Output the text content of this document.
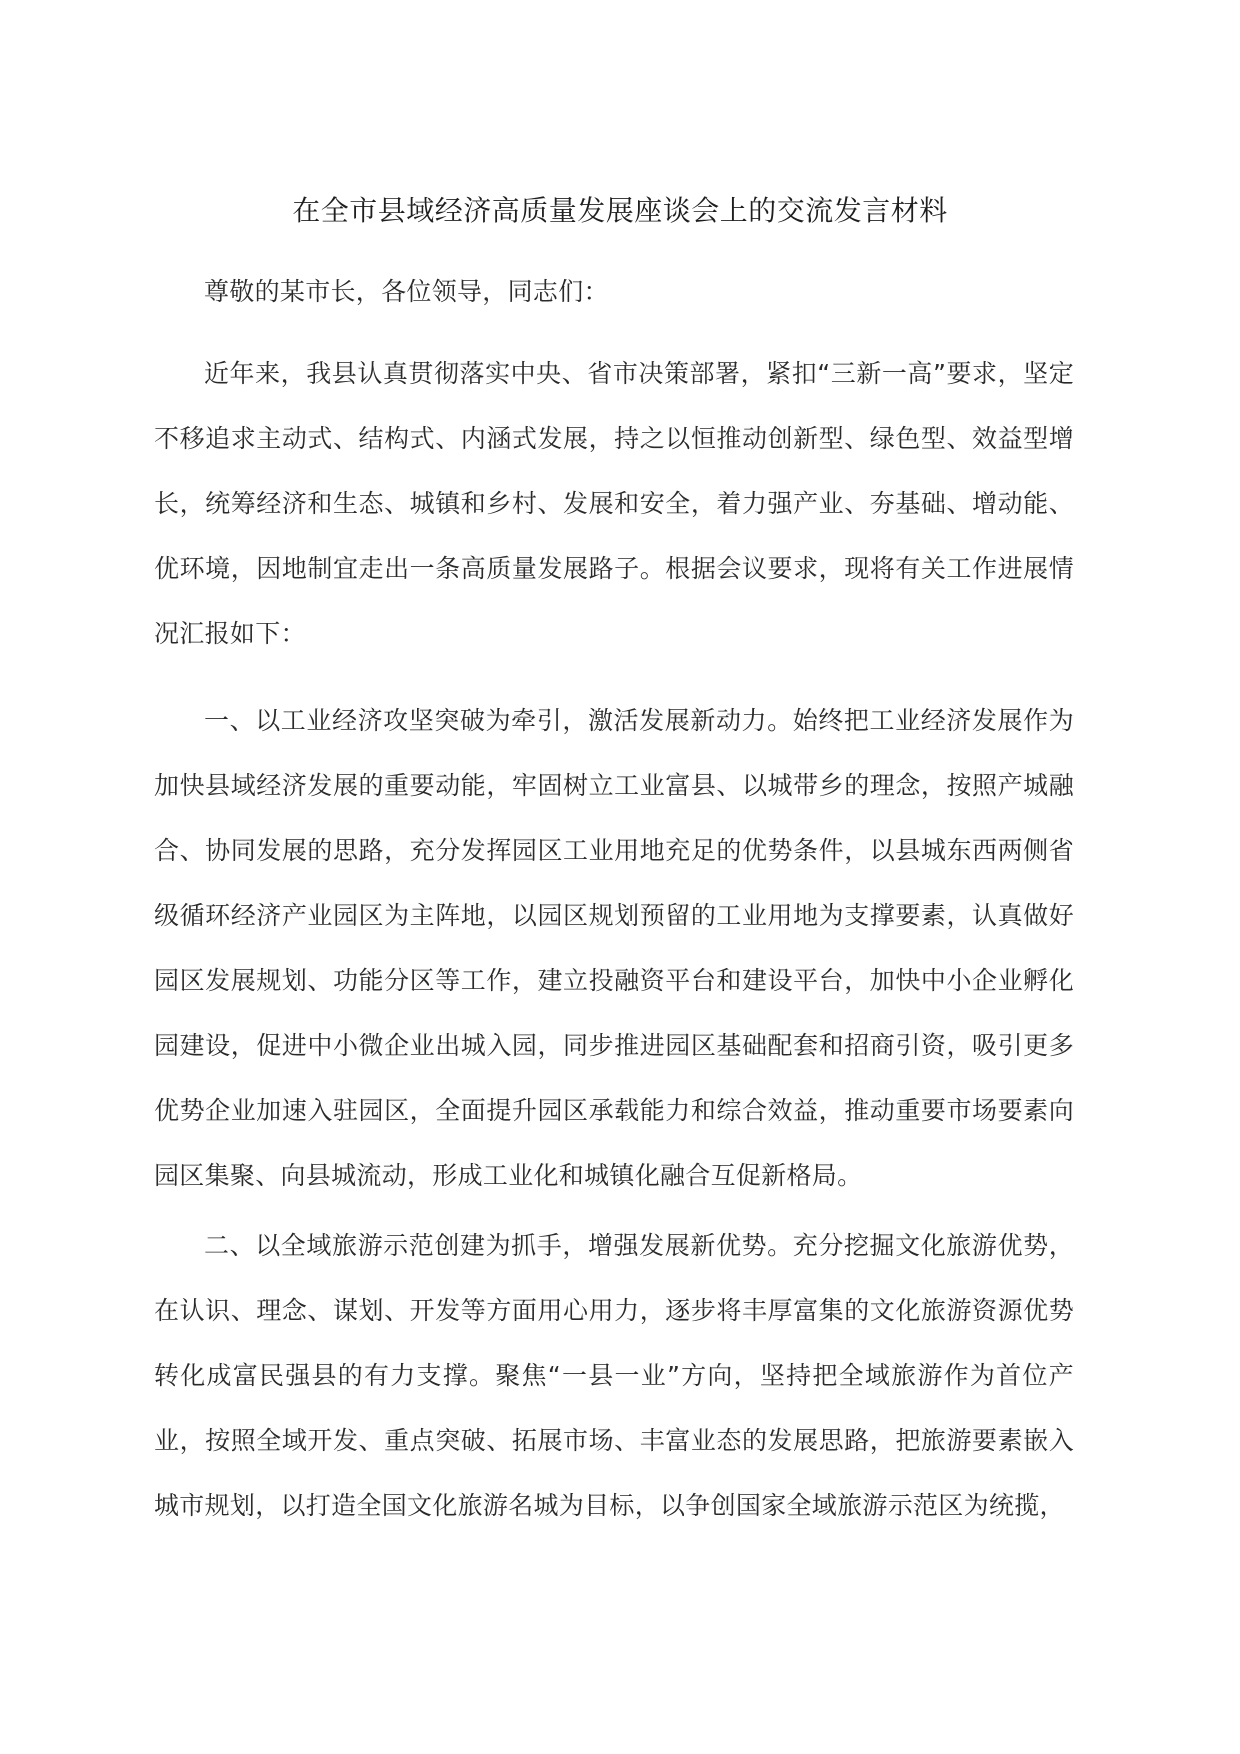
在全市县域经济高质量发展座谈会上的交流发言材料

尊敬的某市长，各位领导，同志们：

近年来，我县认真贯彻落实中央、省市决策部署，紧扣“三新一高”要求，坚定不移追求主动式、结构式、内涵式发展，持之以恒推动创新型、绿色型、效益型增长，统筹经济和生态、城镇和乡村、发展和安全，着力强产业、夯基础、增动能、优环境，因地制宜走出一条高质量发展路子。根据会议要求，现将有关工作进展情况汇报如下：

一、以工业经济攻坚突破为牵引，激活发展新动力。始终把工业经济发展作为加快县域经济发展的重要动能，牢固树立工业富县、以城带乡的理念，按照产城融合、协同发展的思路，充分发挥园区工业用地充足的优势条件，以县城东西两侧省级循环经济产业园区为主阵地，以园区规划预留的工业用地为支撑要素，认真做好园区发展规划、功能分区等工作，建立投融资平台和建设平台，加快中小企业孵化园建设，促进中小微企业出城入园，同步推进园区基础配套和招商引资，吸引更多优势企业加速入驻园区，全面提升园区承载能力和综合效益，推动重要市场要素向园区集聚、向县城流动，形成工业化和城镇化融合互促新格局。

二、以全域旅游示范创建为抓手，增强发展新优势。充分挖掘文化旅游优势，在认识、理念、谋划、开发等方面用心用力，逐步将丰厚富集的文化旅游资源优势转化成富民强县的有力支撑。聚焦“一县一业”方向，坚持把全域旅游作为首位产业，按照全域开发、重点突破、拓展市场、丰富业态的发展思路，把旅游要素嵌入城市规划，以打造全国文化旅游名城为目标，以争创国家全域旅游示范区为统揽，
